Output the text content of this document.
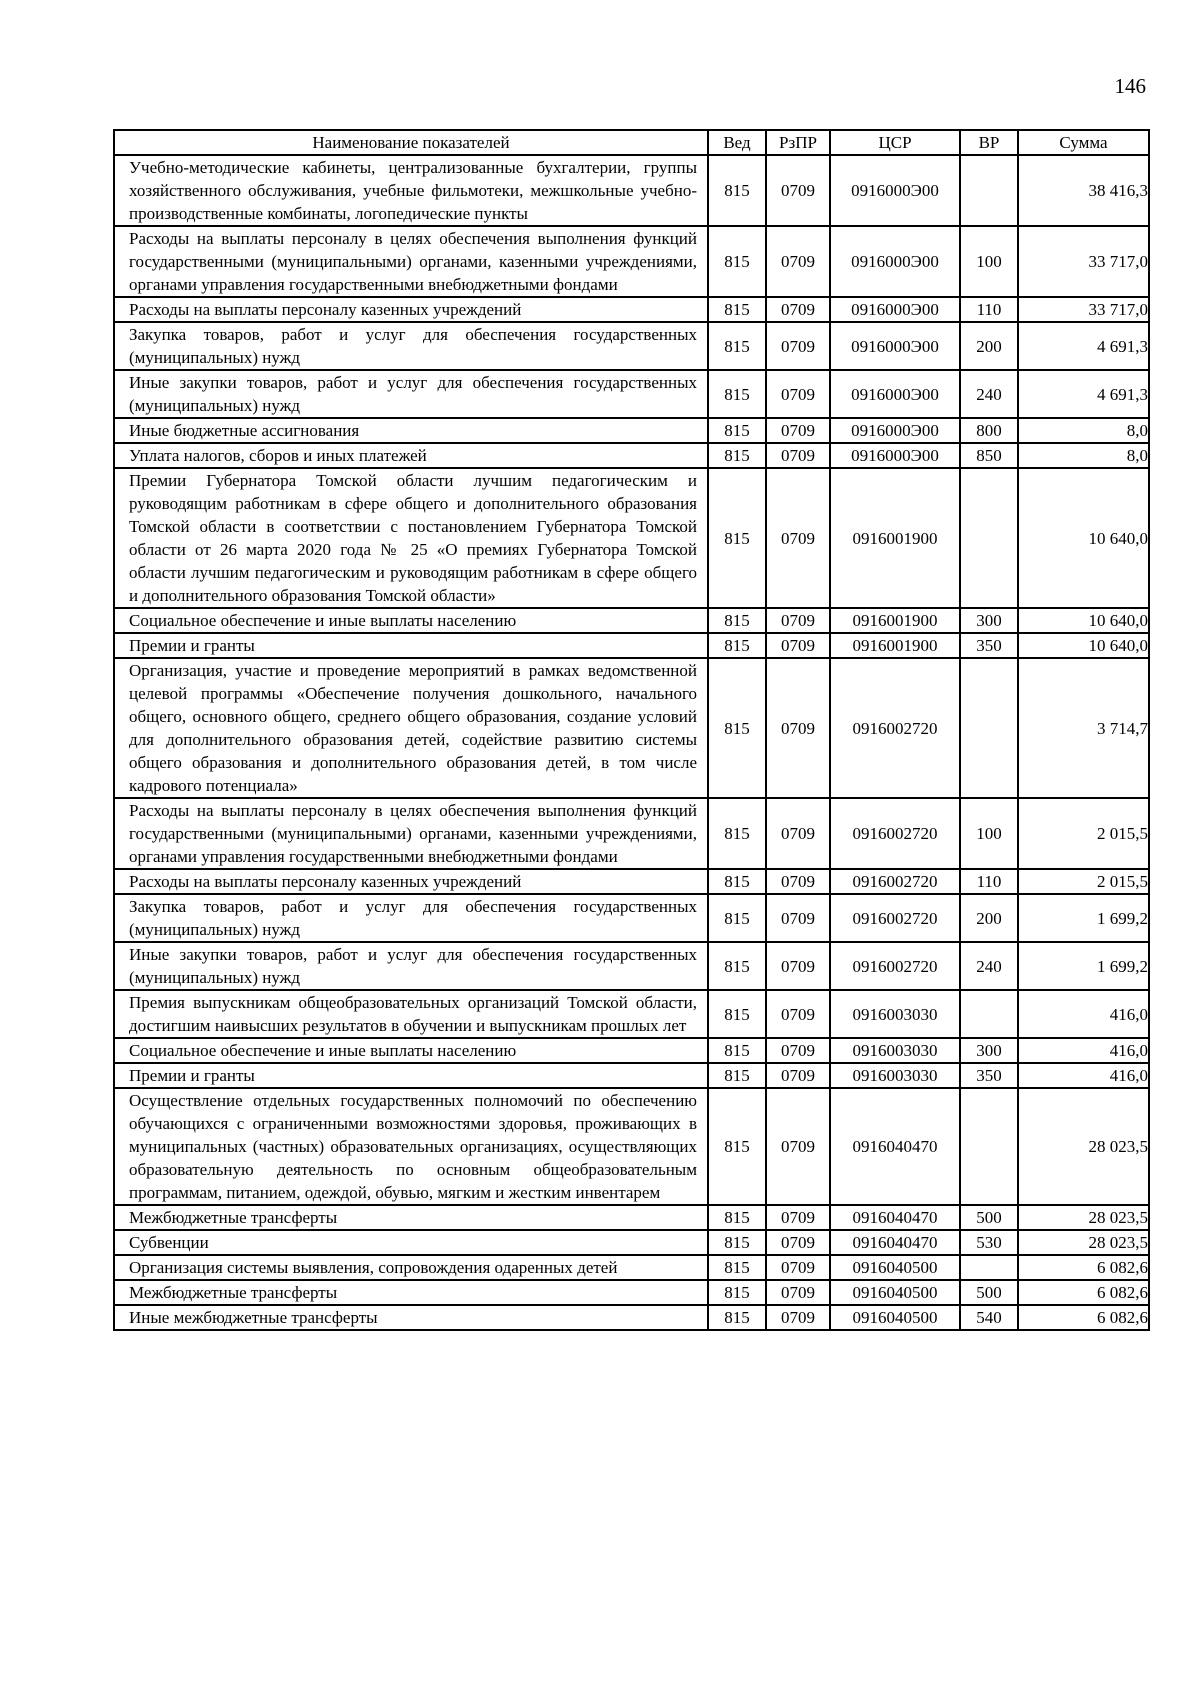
146
Наименование показателей	Вед	РзПР	ЦСР	ВР	Сумма
Учебно-методические кабинеты, централизованные бухгалтерии, группы хозяйственного обслуживания, учебные фильмотеки, межшкольные учебно-производственные комбинаты, логопедические пункты	815	0709	0916000Э00		38 416,3
Расходы на выплаты персоналу в целях обеспечения выполнения функций государственными (муниципальными) органами, казенными учреждениями, органами управления государственными внебюджетными фондами	815	0709	0916000Э00	100	33 717,0
Расходы на выплаты персоналу казенных учреждений	815	0709	0916000Э00	110	33 717,0
Закупка товаров, работ и услуг для обеспечения государственных (муниципальных) нужд	815	0709	0916000Э00	200	4 691,3
Иные закупки товаров, работ и услуг для обеспечения государственных (муниципальных) нужд	815	0709	0916000Э00	240	4 691,3
Иные бюджетные ассигнования	815	0709	0916000Э00	800	8,0
Уплата налогов, сборов и иных платежей	815	0709	0916000Э00	850	8,0
Премии Губернатора Томской области лучшим педагогическим и руководящим работникам в сфере общего и дополнительного образования Томской области в соответствии с постановлением Губернатора Томской области от 26 марта 2020 года № 25 «О премиях Губернатора Томской области лучшим педагогическим и руководящим работникам в сфере общего и дополнительного образования Томской области»	815	0709	0916001900		10 640,0
Социальное обеспечение и иные выплаты населению	815	0709	0916001900	300	10 640,0
Премии и гранты	815	0709	0916001900	350	10 640,0
Организация, участие и проведение мероприятий в рамках ведомственной целевой программы «Обеспечение получения дошкольного, начального общего, основного общего, среднего общего образования, создание условий для дополнительного образования детей, содействие развитию системы общего образования и дополнительного образования детей, в том числе кадрового потенциала»	815	0709	0916002720		3 714,7
Расходы на выплаты персоналу в целях обеспечения выполнения функций государственными (муниципальными) органами, казенными учреждениями, органами управления государственными внебюджетными фондами	815	0709	0916002720	100	2 015,5
Расходы на выплаты персоналу казенных учреждений	815	0709	0916002720	110	2 015,5
Закупка товаров, работ и услуг для обеспечения государственных (муниципальных) нужд	815	0709	0916002720	200	1 699,2
Иные закупки товаров, работ и услуг для обеспечения государственных (муниципальных) нужд	815	0709	0916002720	240	1 699,2
Премия выпускникам общеобразовательных организаций Томской области, достигшим наивысших результатов в обучении и выпускникам прошлых лет	815	0709	0916003030		416,0
Социальное обеспечение и иные выплаты населению	815	0709	0916003030	300	416,0
Премии и гранты	815	0709	0916003030	350	416,0
Осуществление отдельных государственных полномочий по обеспечению обучающихся с ограниченными возможностями здоровья, проживающих в муниципальных (частных) образовательных организациях, осуществляющих образовательную деятельность по основным общеобразовательным программам, питанием, одеждой, обувью, мягким и жестким инвентарем	815	0709	0916040470		28 023,5
Межбюджетные трансферты	815	0709	0916040470	500	28 023,5
Субвенции	815	0709	0916040470	530	28 023,5
Организация системы выявления, сопровождения одаренных детей	815	0709	0916040500		6 082,6
Межбюджетные трансферты	815	0709	0916040500	500	6 082,6
Иные межбюджетные трансферты	815	0709	0916040500	540	6 082,6
